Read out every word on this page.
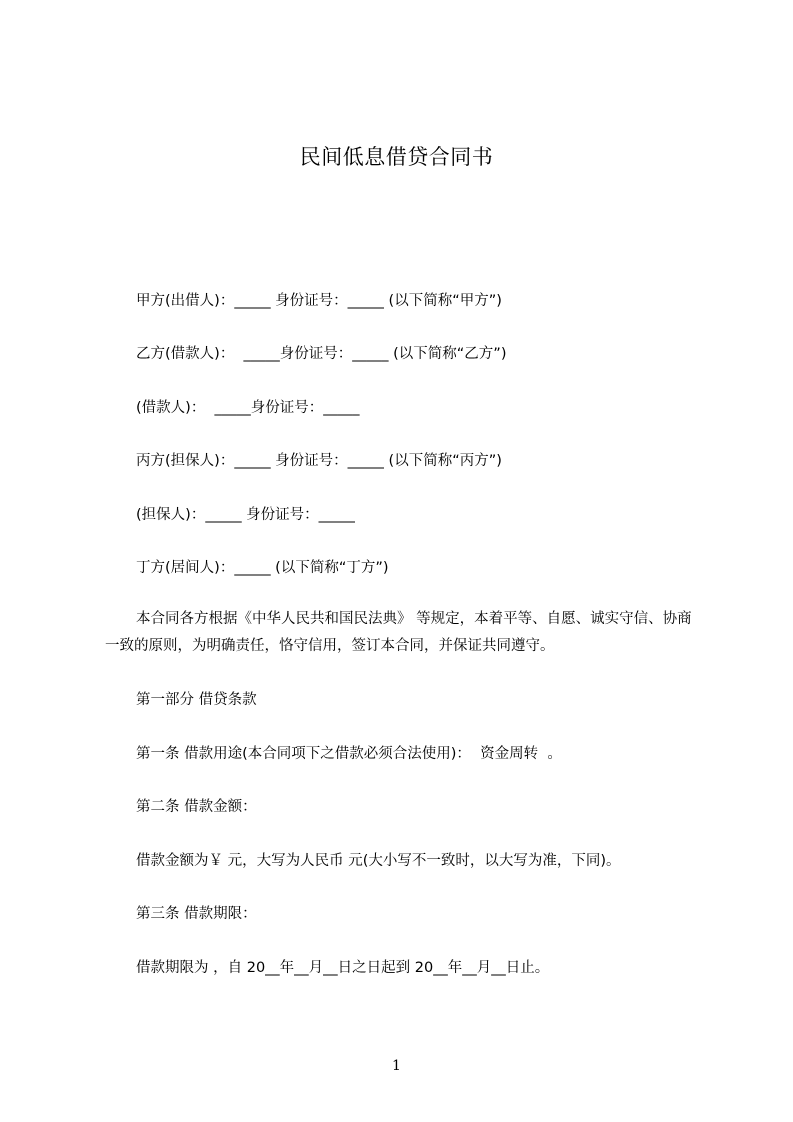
民间低息借贷合同书

甲方(出借人)：_____ 身份证号：_____ (以下简称“甲方”)

乙方(借款人)：  _____身份证号：_____ (以下简称“乙方”)

(借款人)：  _____身份证号：_____

丙方(担保人)：_____ 身份证号：_____ (以下简称“丙方”)

(担保人)：_____ 身份证号：_____

丁方(居间人)：_____ (以下简称“丁方”)

本合同各方根据《中华人民共和国民法典》 等规定，本着平等、自愿、诚实守信、协商一致的原则，为明确责任，恪守信用，签订本合同，并保证共同遵守。

第一部分 借贷条款

第一条 借款用途(本合同项下之借款必须合法使用)：  资金周转  。

第二条 借款金额：

借款金额为￥ 元，大写为人民币 元(大小写不一致时，以大写为准，下同)。

第三条 借款期限：

借款期限为 ，自 20__年__月__日之日起到 20__年__月__日止。

1
